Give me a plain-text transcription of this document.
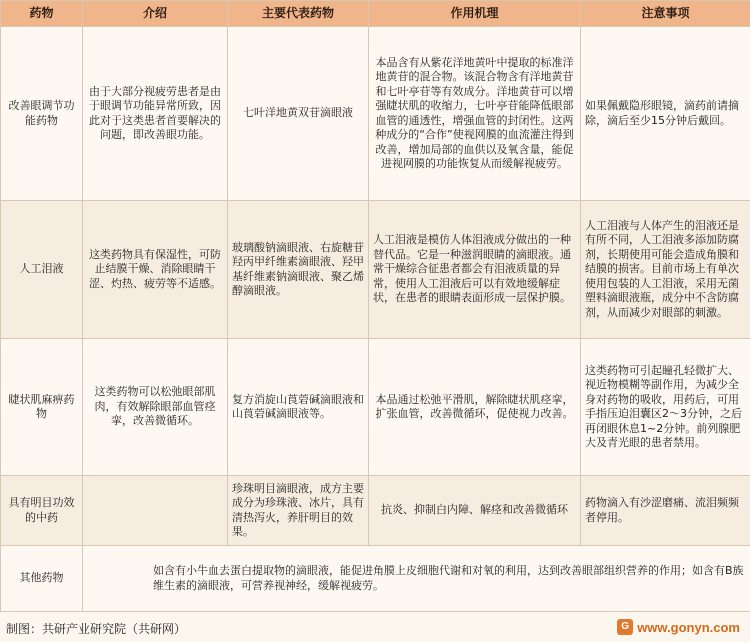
药物	介绍	主要代表药物	作用机理	注意事项
改善眼调节功能药物	由于大部分视疲劳患者是由于眼调节功能异常所致，因此对于这类患者首要解决的问题，即改善眼功能。	七叶洋地黄双苷滴眼液	本品含有从紫花洋地黄叶中提取的标准洋地黄苷的混合物。该混合物含有洋地黄苷和七叶亭苷等有效成分。洋地黄苷可以增强睫状肌的收缩力，七叶亭苷能降低眼部血管的通透性，增强血管的封闭性。这两种成分的“合作”使视网膜的血流灌注得到改善，增加局部的血供以及氧含量，能促进视网膜的功能恢复从而缓解视疲劳。	如果佩戴隐形眼镜，滴药前请摘除，滴后至少15分钟后戴回。
人工泪液	这类药物具有保湿性，可防止结膜干燥、消除眼睛干涩、灼热、疲劳等不适感。	玻璃酸钠滴眼液、右旋糖苷羟丙甲纤维素滴眼液、羟甲基纤维素钠滴眼液、聚乙烯醇滴眼液。	人工泪液是模仿人体泪液成分做出的一种替代品。它是一种滋润眼睛的滴眼液。通常干燥综合征患者都会有泪液质量的异常，使用人工泪液后可以有效地缓解症状，在患者的眼睛表面形成一层保护膜。	人工泪液与人体产生的泪液还是有所不同，人工泪液多添加防腐剂，长期使用可能会造成角膜和结膜的损害。目前市场上有单次使用包装的人工泪液，采用无菌塑料滴眼液瓶，成分中不含防腐剂，从而减少对眼部的刺激。
睫状肌麻痹药物	这类药物可以松弛眼部肌肉，有效解除眼部血管痉挛，改善微循环。	复方消旋山莨菪碱滴眼液和山莨菪碱滴眼液等。	本品通过松弛平滑肌，解除睫状肌痉挛，扩张血管，改善微循环，促使视力改善。	这类药物可引起瞳孔轻微扩大、视近物模糊等副作用，为减少全身对药物的吸收，用药后，可用手指压迫泪囊区2～3分钟，之后再闭眼休息1~2分钟。前列腺肥大及青光眼的患者禁用。
具有明目功效的中药		珍珠明目滴眼液，成方主要成分为珍珠液、冰片，具有清热泻火，养肝明目的效果。	抗炎、抑制白内障、解痉和改善微循环	药物滴入有沙涩磨痛、流泪频频者停用。
其他药物	如含有小牛血去蛋白提取物的滴眼液，能促进角膜上皮细胞代谢和对氧的利用，达到改善眼部组织营养的作用；如含有B族维生素的滴眼液，可营养视神经，缓解视疲劳。			
制图：共研产业研究院（共研网）	G www.gonyn.com
